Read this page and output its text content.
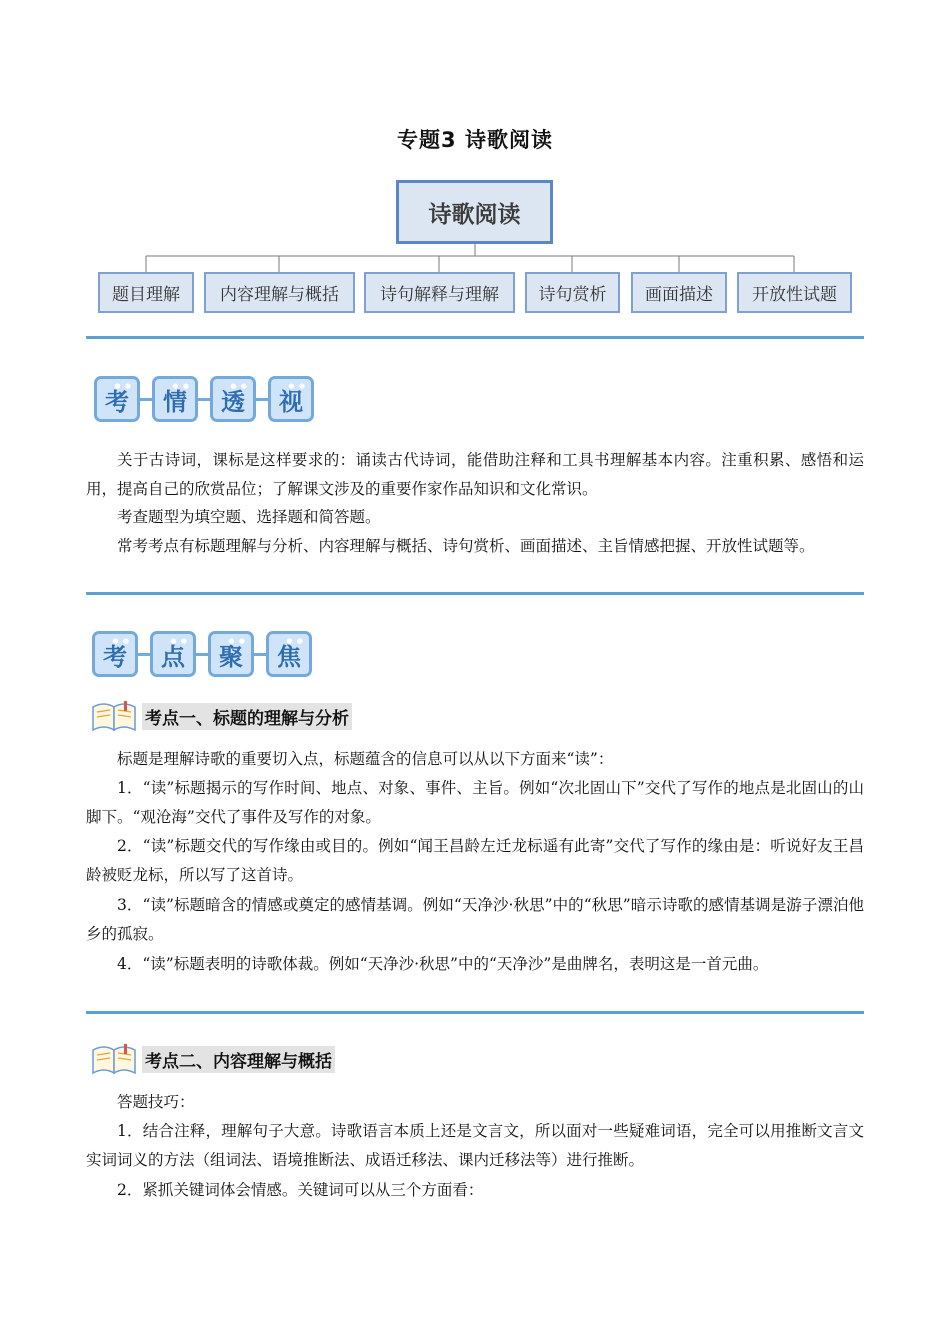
专题3 诗歌阅读
诗歌阅读
题目理解	内容理解与概括	诗句解释与理解	诗句赏析	画面描述	开放性试题
考
● ●
情
● ●
透
● ●
视
● ●
关于古诗词，课标是这样要求的：诵读古代诗词，能借助注释和工具书理解基本内容。注重积累、感悟和运用，提高自己的欣赏品位；了解课文涉及的重要作家作品知识和文化常识。
考查题型为填空题、选择题和简答题。
常考考点有标题理解与分析、内容理解与概括、诗句赏析、画面描述、主旨情感把握、开放性试题等。
考
● ●
点
● ●
聚
● ●
焦
● ●
考点一、标题的理解与分析
标题是理解诗歌的重要切入点，标题蕴含的信息可以从以下方面来“读”：
1．“读”标题揭示的写作时间、地点、对象、事件、主旨。例如“次北固山下”交代了写作的地点是北固山的山脚下。“观沧海”交代了事件及写作的对象。
2．“读”标题交代的写作缘由或目的。例如“闻王昌龄左迁龙标遥有此寄”交代了写作的缘由是：听说好友王昌龄被贬龙标，所以写了这首诗。
3．“读”标题暗含的情感或奠定的感情基调。例如“天净沙·秋思”中的“秋思”暗示诗歌的感情基调是游子漂泊他乡的孤寂。
4．“读”标题表明的诗歌体裁。例如“天净沙·秋思”中的“天净沙”是曲牌名，表明这是一首元曲。
考点二、内容理解与概括
答题技巧：
1．结合注释，理解句子大意。诗歌语言本质上还是文言文，所以面对一些疑难词语，完全可以用推断文言文实词词义的方法（组词法、语境推断法、成语迁移法、课内迁移法等）进行推断。
2．紧抓关键词体会情感。关键词可以从三个方面看：
